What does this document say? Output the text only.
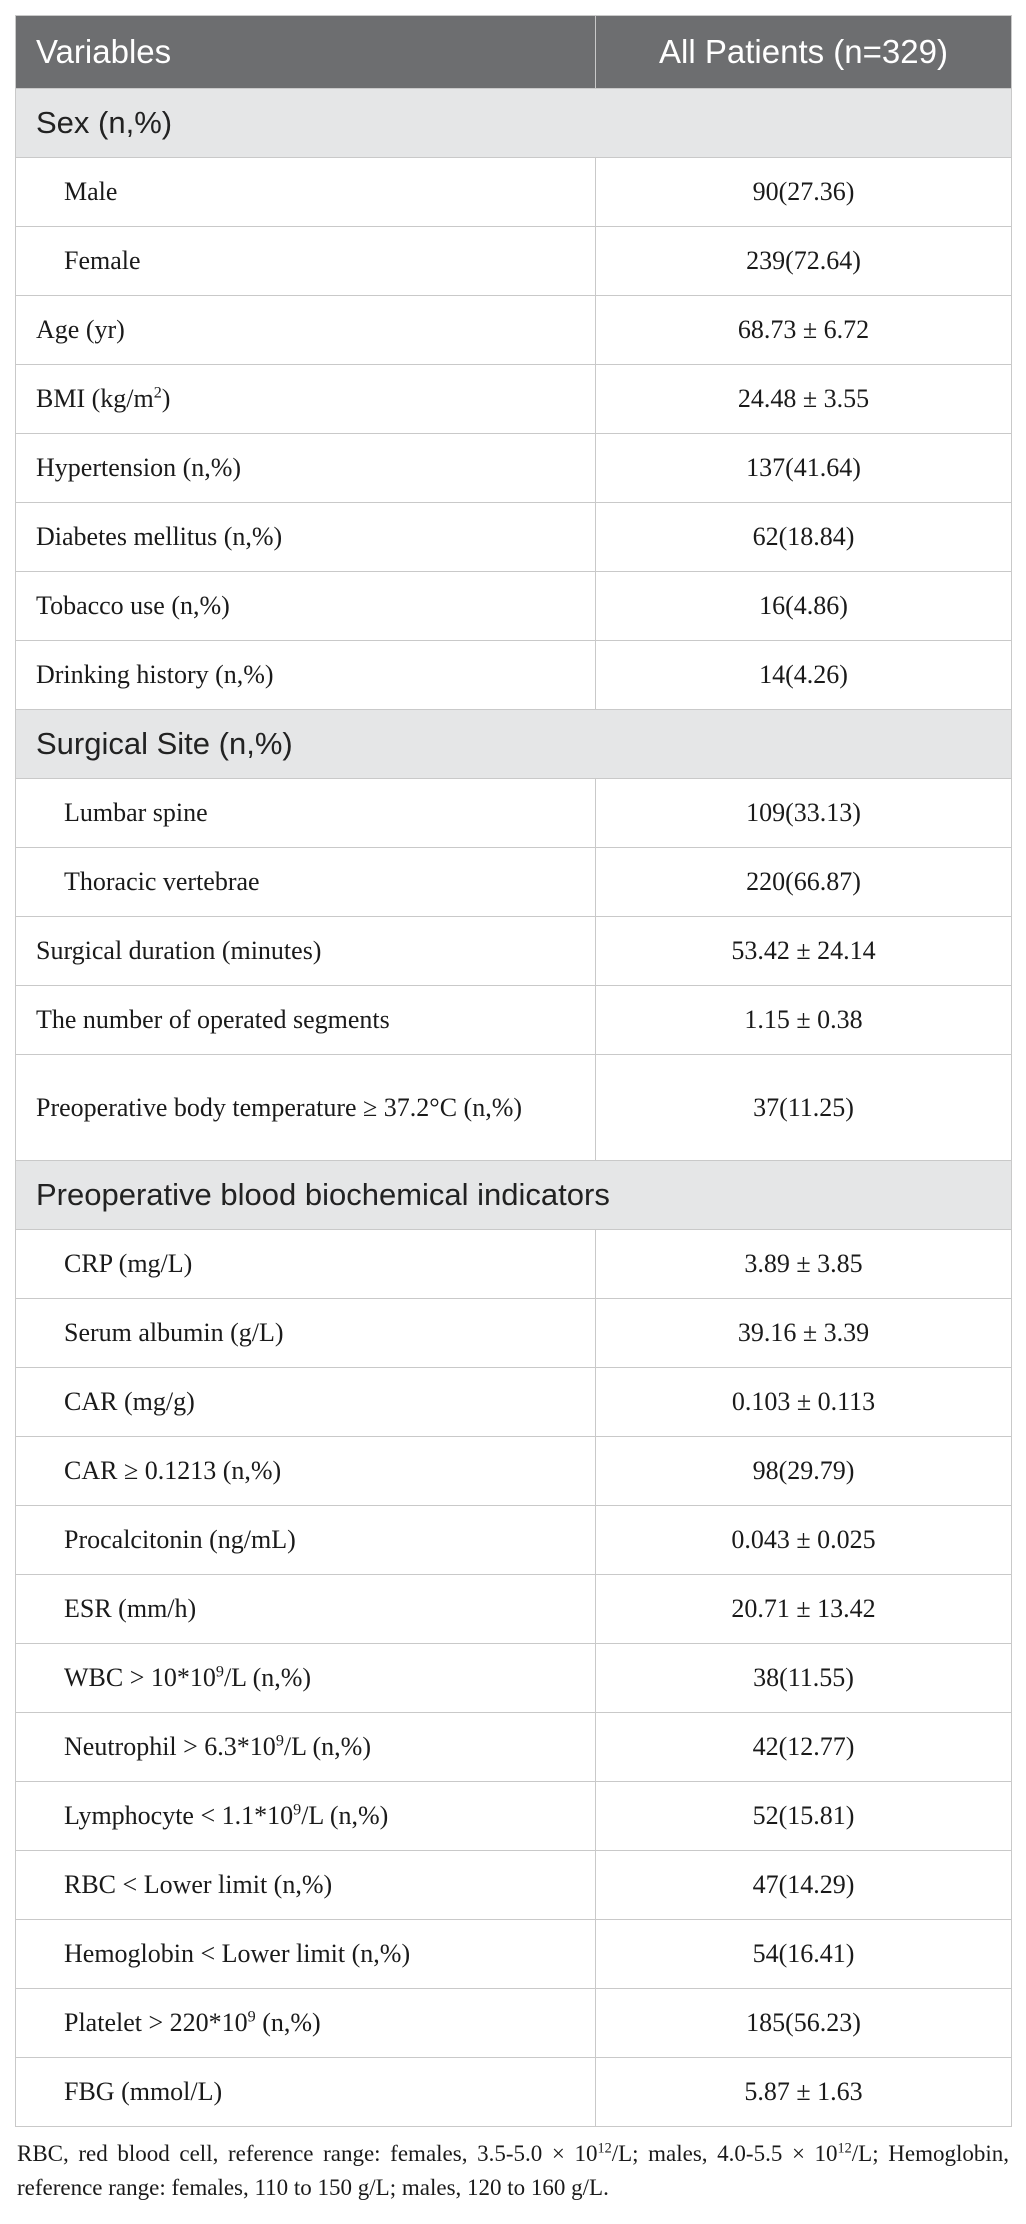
Variables	All Patients (n=329)
Sex (n,%)	
Male	90(27.36)
Female	239(72.64)
Age (yr)	68.73 ± 6.72
BMI $(kg/m^2)$	24.48 ± 3.55
Hypertension (n,%)	137(41.64)
Diabetes mellitus (n,%)	62(18.84)
Tobacco use (n,%)	16(4.86)
Drinking history (n,%)	14(4.26)
Surgical Site (n,%)	
Lumbar spine	109(33.13)
Thoracic vertebrae	220(66.87)
Surgical duration (minutes)	53.42 ± 24.14
The number of operated segments	1.15 ± 0.38
Preoperative body temperature ≥ 37.2°C (n,%)	37(11.25)
Preoperative blood biochemical indicators	
CRP (mg/L)	3.89 ± 3.85
Serum albumin (g/L)	39.16 ± 3.39
CAR (mg/g)	0.103 ± 0.113
CAR ≥ 0.1213 (n,%)	98(29.79)
Procalcitonin (ng/mL)	0.043 ± 0.025
ESR (mm/h)	20.71 ± 13.42
WBC > $10*10^9/L$ (n,%)	38(11.55)
Neutrophil > $6.3*10^9/L$ (n,%)	42(12.77)
Lymphocyte < $1.1*10^9/L$ (n,%)	52(15.81)
RBC < Lower limit (n,%)	47(14.29)
Hemoglobin < Lower limit (n,%)	54(16.41)
Platelet > $220*10^9$ (n,%)	185(56.23)
FBG (mmol/L)	5.87 ± 1.63
RBC, red blood cell, reference range: females, $3.5-5.0 \times 10^{12}/L$; males, $4.0-5.5 \times 10^{12}/L$; Hemoglobin, reference range: females, 110 to 150 g/L; males, 120 to 160 g/L.
